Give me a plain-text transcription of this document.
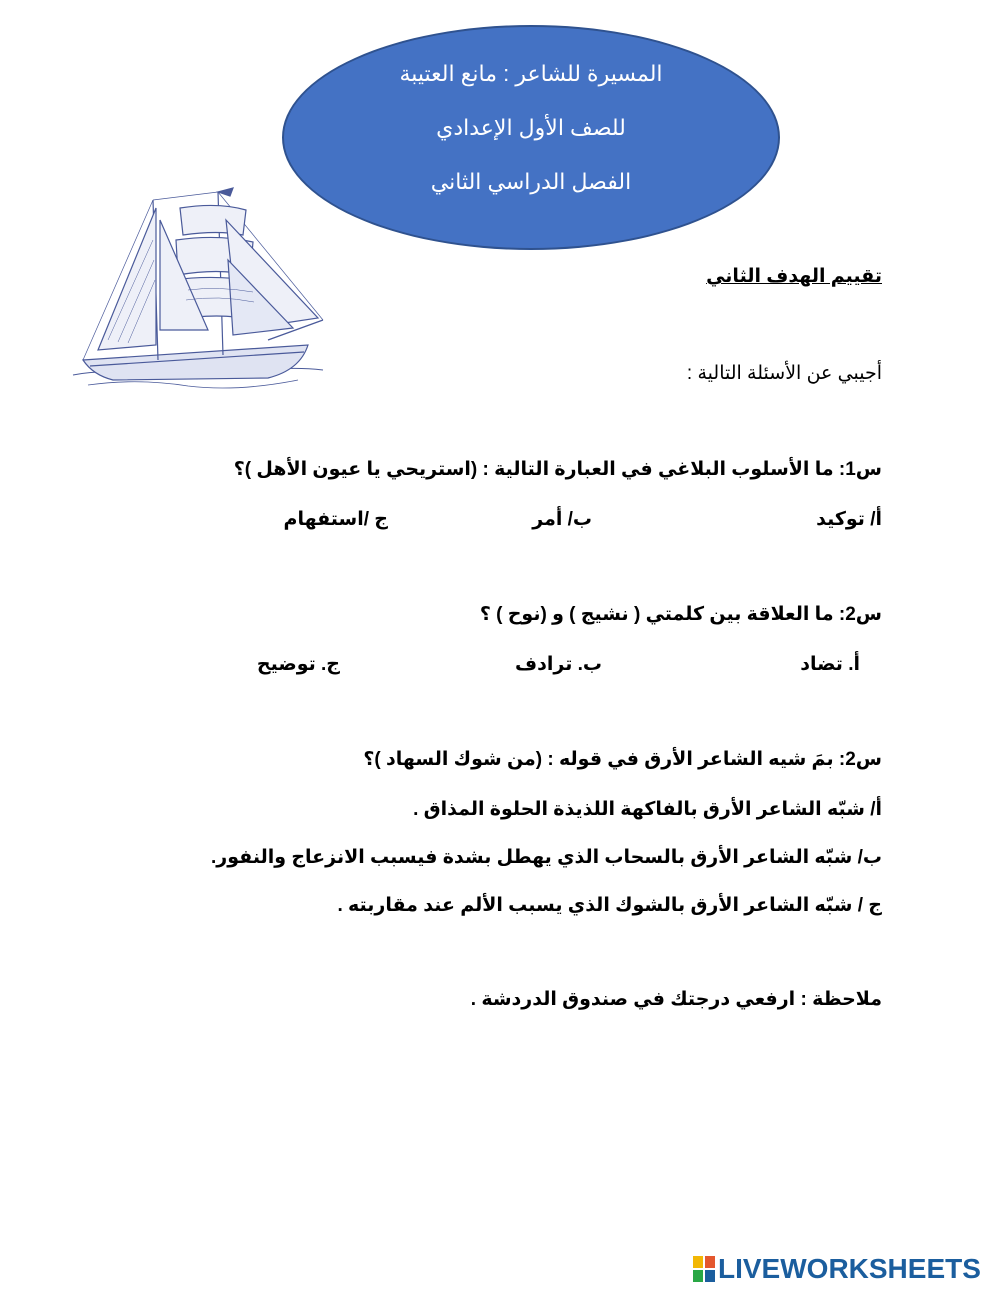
المسيرة للشاعر : مانع العتيبة
للصف الأول الإعدادي
الفصل الدراسي الثاني
تقييم الهدف الثاني
أجيبي عن الأسئلة التالية :
س1: ما الأسلوب البلاغي في العبارة التالية : (استريحي يا عيون الأهل )؟
أ/ توكيد
ب/ أمر
ج /استفهام
س2: ما العلاقة بين كلمتي ( نشيج ) و (نوح ) ؟
أ. تضاد
ب. ترادف
ج. توضيح
س2: بمَ شيه الشاعر الأرق في قوله : (من شوك السهاد )؟
أ/ شبّه الشاعر الأرق بالفاكهة اللذيذة الحلوة المذاق .
ب/ شبّه الشاعر الأرق بالسحاب الذي يهطل بشدة فيسبب الانزعاج والنفور.
ج / شبّه الشاعر الأرق بالشوك الذي يسبب الألم عند مقاربته .
ملاحظة : ارفعي درجتك في صندوق الدردشة .
LIVEWORKSHEETS
